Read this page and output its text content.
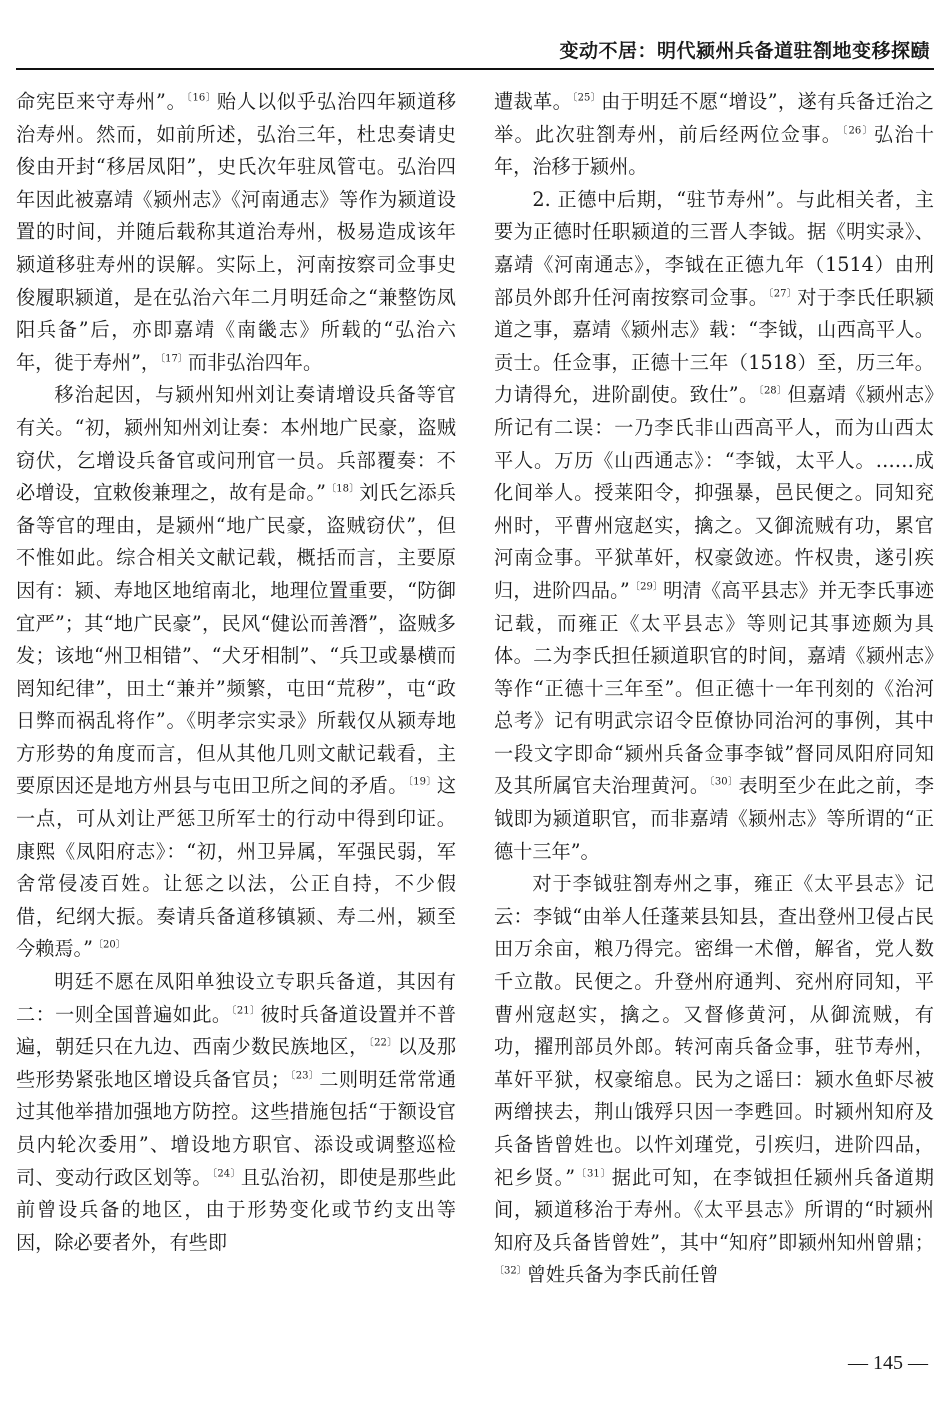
变动不居：明代颍州兵备道驻劄地变移探赜

命宪臣来守寿州”。$^{〔16〕}$贻人以似乎弘治四年颍道移治寿州。然而，如前所述，弘治三年，杜忠奏请史俊由开封“移居凤阳”，史氏次年驻凤管屯。弘治四年因此被嘉靖《颍州志》《河南通志》等作为颍道设置的时间，并随后载称其道治寿州，极易造成该年颍道移驻寿州的误解。实际上，河南按察司佥事史俊履职颍道，是在弘治六年二月明廷命之“兼整饬凤阳兵备”后，亦即嘉靖《南畿志》所载的“弘治六年，徙于寿州”，$^{〔17〕}$而非弘治四年。

移治起因，与颍州知州刘让奏请增设兵备等官有关。“初，颍州知州刘让奏：本州地广民豪，盗贼窃伏，乞增设兵备官或问刑官一员。兵部覆奏：不必增设，宜敕俊兼理之，故有是命。”$^{〔18〕}$刘氏乞添兵备等官的理由，是颍州“地广民豪，盗贼窃伏”，但不惟如此。综合相关文献记载，概括而言，主要原因有：颍、寿地区地绾南北，地理位置重要，“防御宜严”；其“地广民豪”，民风“健讼而善潛”，盗贼多发；该地“州卫相错”、“犬牙相制”、“兵卫或暴横而罔知纪律”，田土“兼并”频繁，屯田“荒秽”，屯“政日弊而祸乱将作”。《明孝宗实录》所载仅从颍寿地方形势的角度而言，但从其他几则文献记载看，主要原因还是地方州县与屯田卫所之间的矛盾。$^{〔19〕}$这一点，可从刘让严惩卫所军士的行动中得到印证。康熙《凤阳府志》：“初，州卫异属，军强民弱，军舍常侵凌百姓。让惩之以法，公正自持，不少假借，纪纲大振。奏请兵备道移镇颍、寿二州，颍至今赖焉。”$^{〔20〕}$

明廷不愿在凤阳单独设立专职兵备道，其因有二：一则全国普遍如此。$^{〔21〕}$彼时兵备道设置并不普遍，朝廷只在九边、西南少数民族地区，$^{〔22〕}$以及那些形势紧张地区增设兵备官员；$^{〔23〕}$二则明廷常常通过其他举措加强地方防控。这些措施包括“于额设官员内轮次委用”、增设地方职官、添设或调整巡检司、变动行政区划等。$^{〔24〕}$且弘治初，即使是那些此前曾设兵备的地区，由于形势变化或节约支出等因，除必要者外，有些即

遭裁革。$^{〔25〕}$由于明廷不愿“增设”，遂有兵备迁治之举。此次驻劄寿州，前后经两位佥事。$^{〔26〕}$弘治十年，治移于颍州。

2. 正德中后期，“驻节寿州”。与此相关者，主要为正德时任职颍道的三晋人李钺。据《明实录》、嘉靖《河南通志》，李钺在正德九年（1514）由刑部员外郎升任河南按察司佥事。$^{〔27〕}$对于李氏任职颍道之事，嘉靖《颍州志》载：“李钺，山西高平人。贡士。任佥事，正德十三年（1518）至，历三年。力请得允，进阶副使。致仕”。$^{〔28〕}$但嘉靖《颍州志》所记有二误：一乃李氏非山西高平人，而为山西太平人。万历《山西通志》：“李钺，太平人。……成化间举人。授莱阳令，抑强暴，邑民便之。同知兖州时，平曹州寇赵实，擒之。又御流贼有功，累官河南佥事。平狱革奸，权豪敛迹。忤权贵，遂引疾归，进阶四品。”$^{〔29〕}$明清《高平县志》并无李氏事迹记载，而雍正《太平县志》等则记其事迹颇为具体。二为李氏担任颍道职官的时间，嘉靖《颍州志》等作“正德十三年至”。但正德十一年刊刻的《治河总考》记有明武宗诏令臣僚协同治河的事例，其中一段文字即命“颍州兵备佥事李钺”督同凤阳府同知及其所属官夫治理黄河。$^{〔30〕}$表明至少在此之前，李钺即为颍道职官，而非嘉靖《颍州志》等所谓的“正德十三年”。

对于李钺驻劄寿州之事，雍正《太平县志》记云：李钺“由举人任蓬莱县知县，查出登州卫侵占民田万余亩，粮乃得完。密缉一术僧，解省，党人数千立散。民便之。升登州府通判、兖州府同知，平曹州寇赵实，擒之。又督修黄河，从御流贼，有功，擢刑部员外郎。转河南兵备佥事，驻节寿州，革奸平狱，权豪缩息。民为之谣曰：颍水鱼虾尽被两缯挟去，荆山饿殍只因一李甦回。时颍州知府及兵备皆曾姓也。以忤刘瑾党，引疾归，进阶四品，祀乡贤。”$^{〔31〕}$据此可知，在李钺担任颍州兵备道期间，颍道移治于寿州。《太平县志》所谓的“时颍州知府及兵备皆曾姓”，其中“知府”即颍州知州曾鼎；$^{〔32〕}$曾姓兵备为李氏前任曾

— 145 —
